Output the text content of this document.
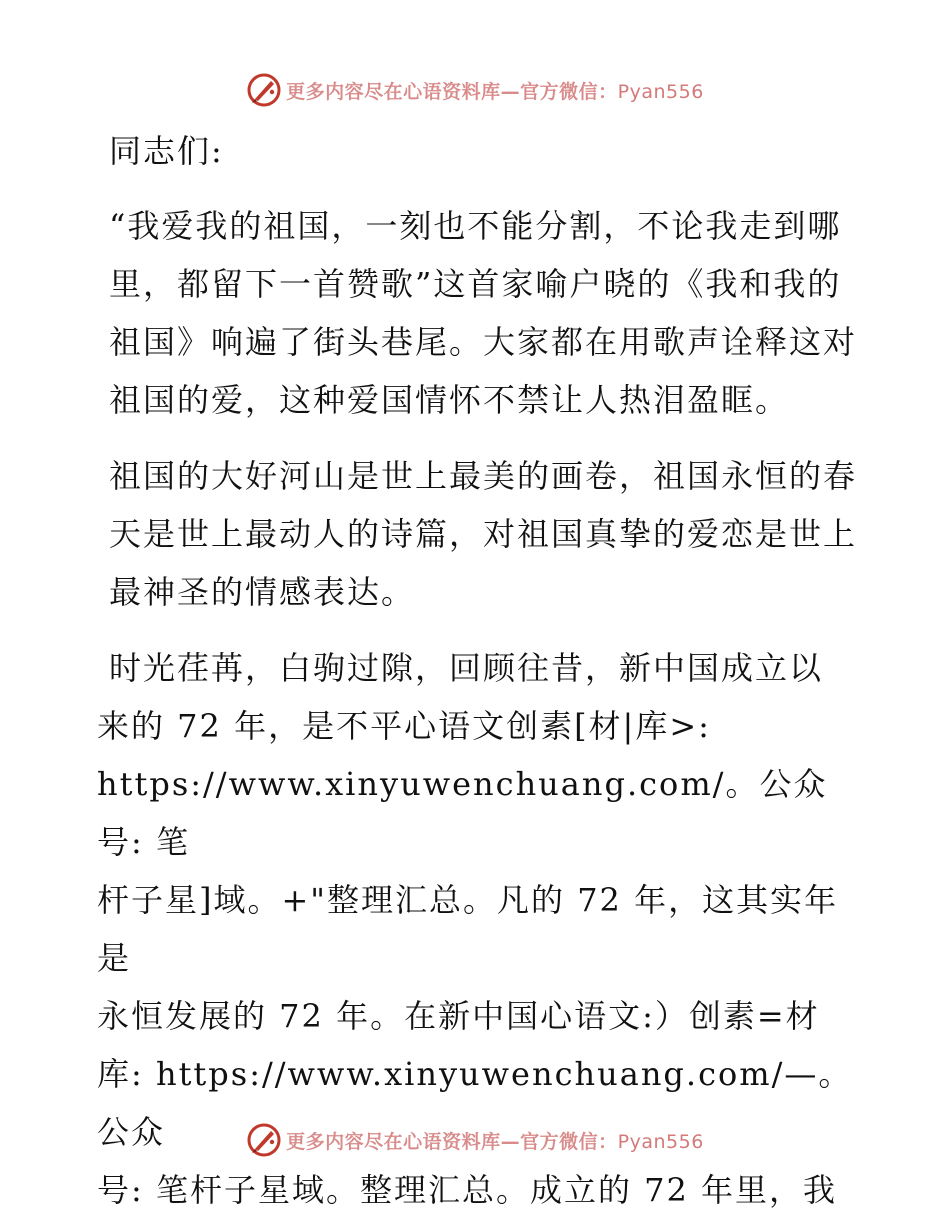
更多内容尽在心语资料库—官方微信：Pyan556

同志们:

“我爱我的祖国，一刻也不能分割，不论我走到哪里，都留下一首赞歌”这首家喻户晓的《我和我的祖国》响遍了街头巷尾。大家都在用歌声诠释这对祖国的爱，这种爱国情怀不禁让人热泪盈眶。

祖国的大好河山是世上最美的画卷，祖国永恒的春天是世上最动人的诗篇，对祖国真挚的爱恋是世上最神圣的情感表达。

时光荏苒，白驹过隙，回顾往昔，新中国成立以
来的 72 年，是不平心语文创素[材|库>:
https://www.xinyuwenchuang.com/。公众号: 笔
杆子星]域。+"整理汇总。凡的 72 年，这其实年是
永恒发展的 72 年。在新中国心语文:）创素=材
库: https://www.xinyuwenchuang.com/—。公众
号: 笔杆子星域。整理汇总。成立的 72 年里，我
更多内容尽在心语资料库—官方微信：Pyan556
